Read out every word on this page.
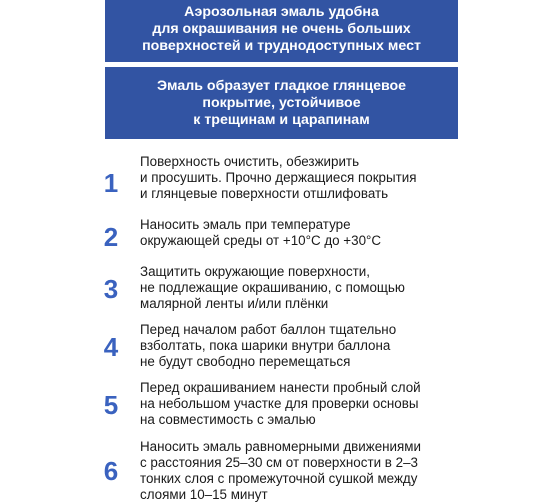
Аэрозольная эмаль удобна
для окрашивания не очень больших
поверхностей и труднодоступных мест
Эмаль образует гладкое глянцевое
покрытие, устойчивое
к трещинам и царапинам
1
Поверхность очистить, обезжирить
и просушить. Прочно держащиеся покрытия
и глянцевые поверхности отшлифовать
2	Наносить эмаль при температуре
окружающей среды от +10°С до +30°С
3
Защитить окружающие поверхности,
не подлежащие окрашиванию, с помощью
малярной ленты и/или плёнки
4
Перед началом работ баллон тщательно
взболтать, пока шарики внутри баллона
не будут свободно перемещаться
5
Перед окрашиванием нанести пробный слой
на небольшом участке для проверки основы
на совместимость с эмалью
6
Наносить эмаль равномерными движениями
с расстояния 25–30 см от поверхности в 2–3
тонких слоя с промежуточной сушкой между
слоями 10–15 минут
